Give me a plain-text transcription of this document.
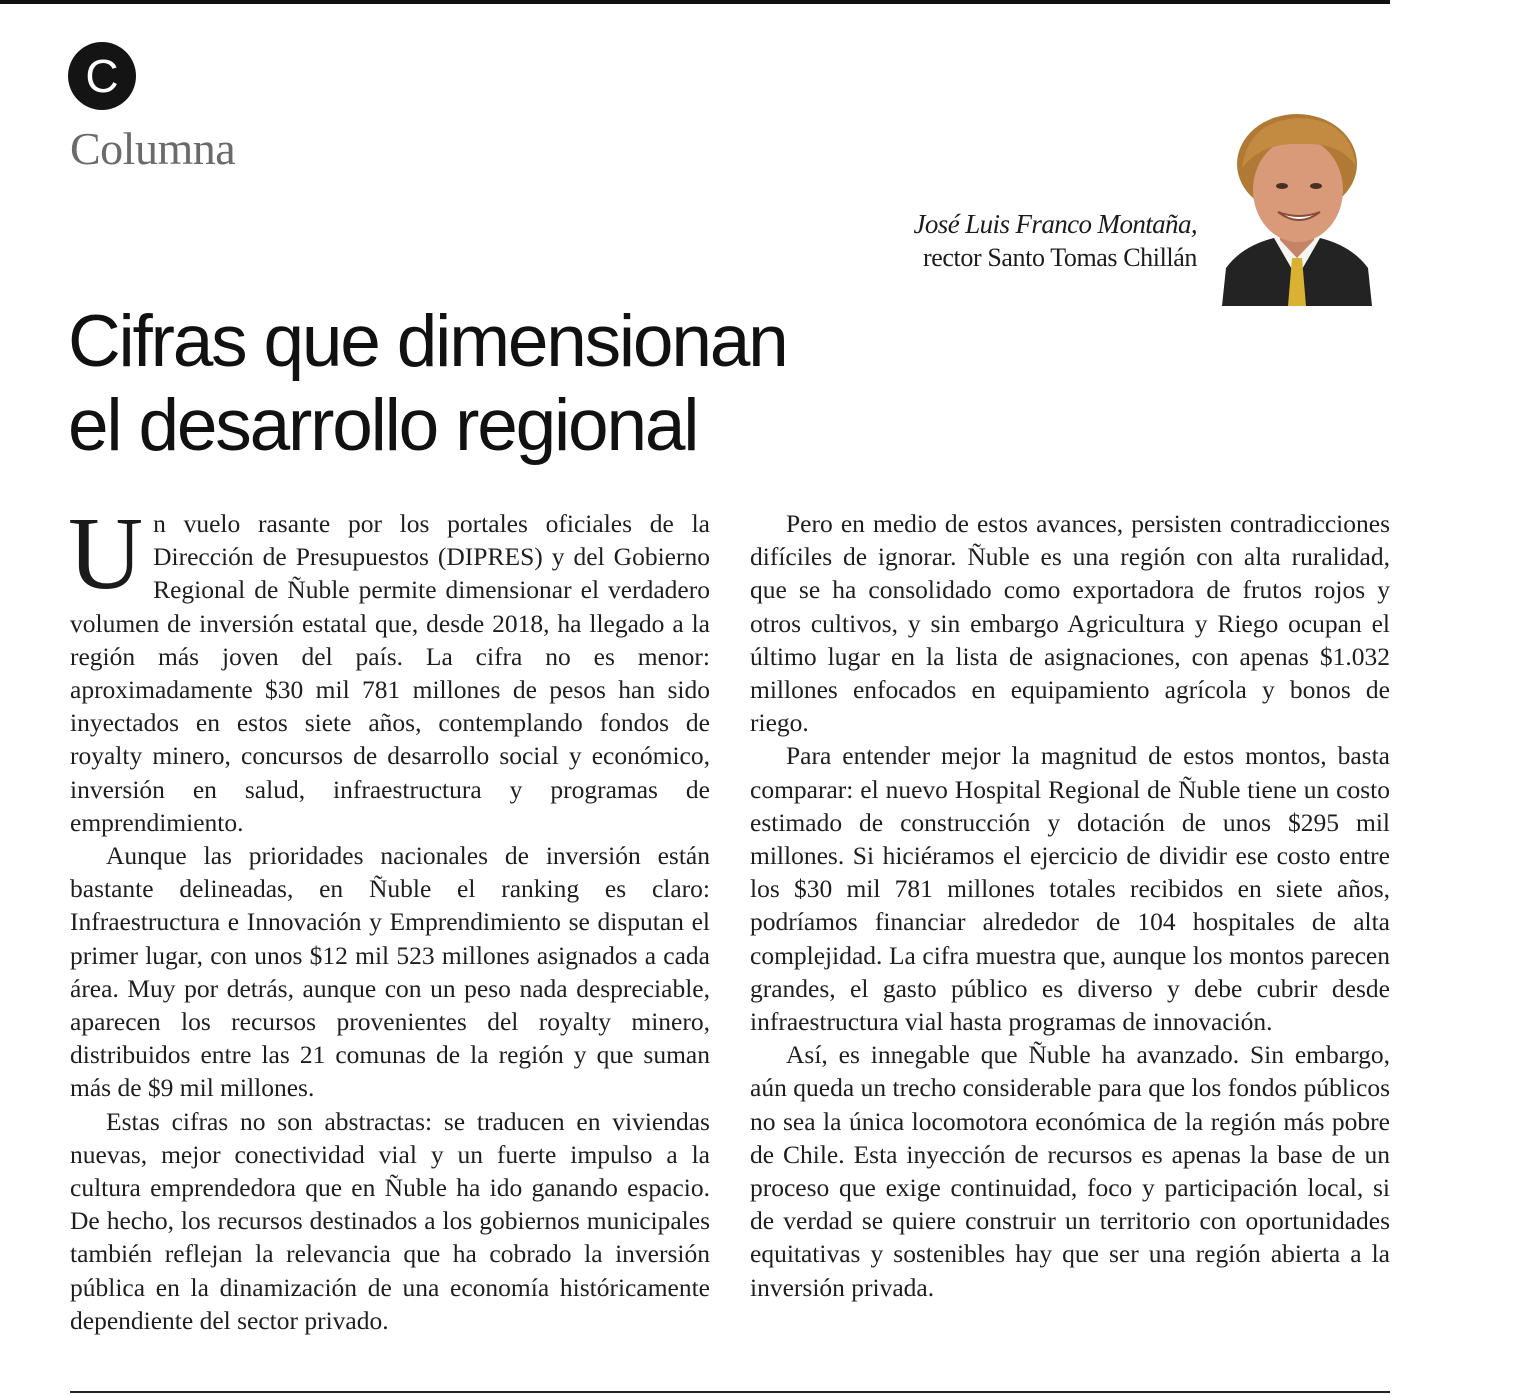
C
Columna
José Luis Franco Montaña,
rector Santo Tomas Chillán
Cifras que dimensionan
el desarrollo regional

Un vuelo rasante por los portales oficiales de la Dirección de Presupuestos (DIPRES) y del Gobierno Regional de Ñuble permite dimensionar el verdadero volumen de inversión estatal que, desde 2018, ha llegado a la región más joven del país. La cifra no es menor: aproximadamente $30 mil 781 millones de pesos han sido inyectados en estos siete años, contemplando fondos de royalty minero, concursos de desarrollo social y económico, inversión en salud, infraestructura y programas de emprendimiento.

Aunque las prioridades nacionales de inversión están bastante delineadas, en Ñuble el ranking es claro: Infraestructura e Innovación y Emprendimiento se disputan el primer lugar, con unos $12 mil 523 millones asignados a cada área. Muy por detrás, aunque con un peso nada despreciable, aparecen los recursos provenientes del royalty minero, distribuidos entre las 21 comunas de la región y que suman más de $9 mil millones.

Estas cifras no son abstractas: se traducen en viviendas nuevas, mejor conectividad vial y un fuerte impulso a la cultura emprendedora que en Ñuble ha ido ganando espacio. De hecho, los recursos destinados a los gobiernos municipales también reflejan la relevancia que ha cobrado la inversión pública en la dinamización de una economía históricamente dependiente del sector privado.

Pero en medio de estos avances, persisten contradicciones difíciles de ignorar. Ñuble es una región con alta ruralidad, que se ha consolidado como exportadora de frutos rojos y otros cultivos, y sin embargo Agricultura y Riego ocupan el último lugar en la lista de asignaciones, con apenas $1.032 millones enfocados en equipamiento agrícola y bonos de riego.

Para entender mejor la magnitud de estos montos, basta comparar: el nuevo Hospital Regional de Ñuble tiene un costo estimado de construcción y dotación de unos $295 mil millones. Si hiciéramos el ejercicio de dividir ese costo entre los $30 mil 781 millones totales recibidos en siete años, podríamos financiar alrededor de 104 hospitales de alta complejidad. La cifra muestra que, aunque los montos parecen grandes, el gasto público es diverso y debe cubrir desde infraestructura vial hasta programas de innovación.

Así, es innegable que Ñuble ha avanzado. Sin embargo, aún queda un trecho considerable para que los fondos públicos no sea la única locomotora económica de la región más pobre de Chile. Esta inyección de recursos es apenas la base de un proceso que exige continuidad, foco y participación local, si de verdad se quiere construir un territorio con oportunidades equitativas y sostenibles hay que ser una región abierta a la inversión privada.
